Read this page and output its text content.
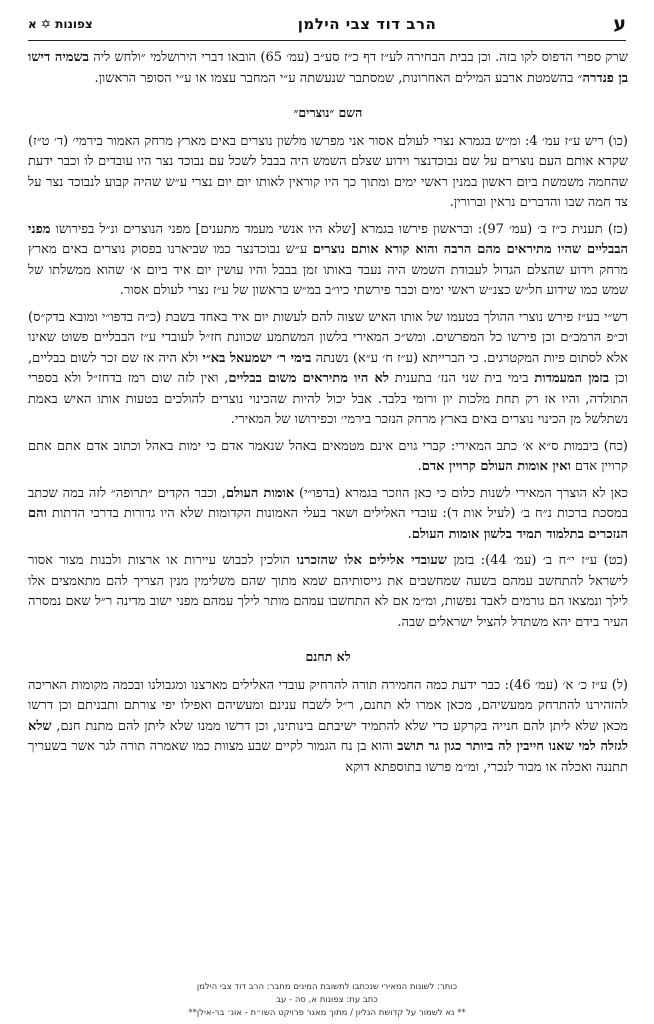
ע
הרב דוד צבי הילמן
צפונות ✡ א

שרק ספרי הדפוס לקו בזה. וכן בבית הבחירה לע״ז דף כ״ז סע״ב (עמ׳ 65) הובאו דברי הירושלמי ״ולחש ליה בשמיה דישו בן פנדרה״ בהשמטת ארבע המילים האחרונות, שמסתבר שנעשתה ע״י המחבר עצמו או ע״י הסופר הראשון.

השם ״נוצרים״

(כו) ריש ע״ז עמ׳ 4: ומ״ש בגמרא נצרי לעולם אסור אני מפרשו מלשון נוצרים באים מארץ מרחק האמור בירמי׳ (ד׳ ט״ז) שקרא אותם העם נוצרים על שם נבוכדנצר וידוע שצלם השמש היה בבבל לשכל עם נבוכד נצר היו עובדים לו וכבר ידעת שהחמה משמשת ביום ראשון במנין ראשי ימים ומתוך כך היו קוראין לאותו יום יום נצרי ע״ש שהיה קבוע לנבוכד נצר על צד חמה שבו והדברים נראין וברורין.

(כז) תענית כ״ז ב׳ (עמ׳ 97): ובראשון פירשו בגמרא [שלא היו אנשי מעמד מתענים] מפני הנוצרים ונ״ל בפירושו מפני הבבליים שהיו מתיראים מהם הרבה והוא קורא אותם נוצרים ע״ש נבוכדנצר כמו שביארנו בפסוק נוצרים באים מארץ מרחק וידוע שהצלם הגדול לעבודת השמש היה נעבד באותו זמן בבבל והיו עושין יום איד ביום א׳ שהוא ממשלתו של שמש כמו שידוע חל״ש כצנ״ש ראשי ימים וכבר פירשתי כיו״ב במ״ש בראשון של ע״ז נצרי לעולם אסור.

רש״י בע״ז פירש נוצרי ההולך בטעמו של אותו האיש שצוה להם לעשות יום איד באחד בשבת (כ״ה בדפו״י ומובא בדק״ס) וכ״פ הרמב״ם וכן פירשו כל המפרשים. ומש״כ המאירי בלשון המשתמע שכוונת חז״ל לעובדי ע״ז הבבליים פשוט שאינו אלא לסתום פיות המקטרגים. כי הברייתא (ע״ז ח׳ ע״א) נשנתה בימי ר׳ ישמעאל בא״י ולא היה אז שם זכר לשום בבליים, וכן בזמן המעמדות בימי בית שני הנז׳ בתענית לא היו מתיראים משום בבליים, ואין לזה שום רמז בדחז״ל ולא בספרי התולדה, והיו אז רק תחת מלכות יון ורומי בלבד. אבל יכול להיות שהכינוי נוצרים להולכים בטעות אותו האיש באמת נשתלשל מן הכינוי נוצרים באים בארץ מרחק הנזכר בירמי׳ וכפירושו של המאירי.

(כח) ביבמות ס״א א׳ כתב המאירי: קברי גוים אינם מטמאים באהל שנאמר אדם כי ימות באהל וכתוב אדם אתם אתם קרויין אדם ואין אומות העולם קרויין אדם.

כאן לא הוצרך המאירי לשנות כלום כי כאן הוזכר בגמרא (בדפו״י) אומות העולם, וכבר הקדים ״תרופה״ לזה במה שכתב במסכת ברכות נ״ח ב׳ (לעיל אות ד): עובדי האלילים ושאר בעלי האמונות הקדומות שלא היו גדורות בדרכי הדתות והם הנזכרים בתלמוד תמיד בלשון אומות העולם.

(כט) ע״ז י״ח ב׳ (עמ׳ 44): בזמן שעובדי אלילים אלו שהזכרנו הולכין לכבוש עיירות או ארצות ולבנות מצור אסור לישראל להתחשב עמהם בשעה שמחשבים את גייסותיהם שמא מתוך שהם משלימין מנין הצריך להם מתאמצים אלו לילך ונמצאו הם גורמים לאבד נפשות, ומ״מ אם לא התחשבו עמהם מותר לילך עמהם מפני ישוב מדינה ר״ל שאם נמסרה העיר בידם יהא משתדל להציל ישראלים שבה.

לא תחנם

(ל) ע״ז כ׳ א׳ (עמ׳ 46): כבר ידעת כמה החמירה תורה להרחיק עובדי האלילים מארצנו ומגבולנו ובכמה מקומות האריכה להזהירנו להתרחק ממעשיהם, מכאן אמרו לא תחנם, ר״ל לשבח ענינם ומעשיהם ואפילו יפי צורתם ותבניתם וכן דרשו מכאן שלא ליתן להם חנייה בקרקע כדי שלא להתמיד ישיבתם בינותינו, וכן דרשו ממנו שלא ליתן להם מתנת חנם, שלא לגזלה למי שאנו חייבין לה ביותר כגון גר תושב והוא בן נח הגמור לקיים שבע מצוות כמו שאמרה תורה לגר אשר בשעריך תתננה ואכלה או מכור לנכרי, ומ״מ פרשו בתוספתא דוקא

כותר: לשונות המאירי שנכתבו לתשובת המינים מחבר: הרב דוד צבי הילמן
כתב עת: צפונות א, סה - עב
** נא לשמור על קדושת הגליון / מתוך מאגר פרויקט השו״ת - אונ׳ בר-אילן**
